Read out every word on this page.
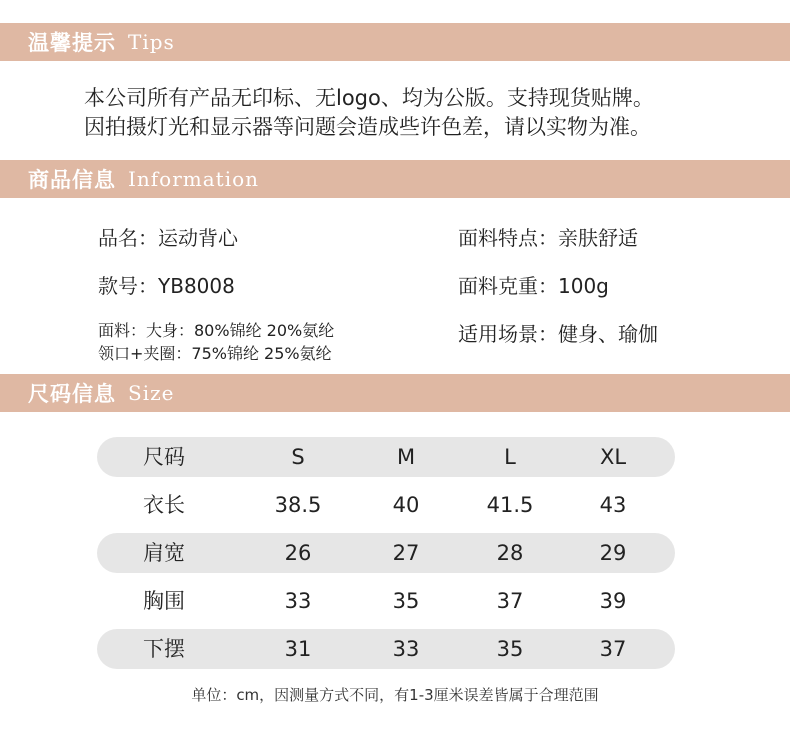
温馨提示 Tips
本公司所有产品无印标、无logo、均为公版。支持现货贴牌。
因拍摄灯光和显示器等问题会造成些许色差，请以实物为准。
商品信息 Information
品名：运动背心
款号：YB8008
面料：大身：80%锦纶 20%氨纶
领口+夹圈：75%锦纶 25%氨纶
面料特点：亲肤舒适
面料克重：100g
适用场景：健身、瑜伽
尺码信息 Size
尺码	S	M	L	XL
衣长	38.5	40	41.5	43
肩宽	26	27	28	29
胸围	33	35	37	39
下摆	31	33	35	37
单位：cm，因测量方式不同，有1-3厘米误差皆属于合理范围
